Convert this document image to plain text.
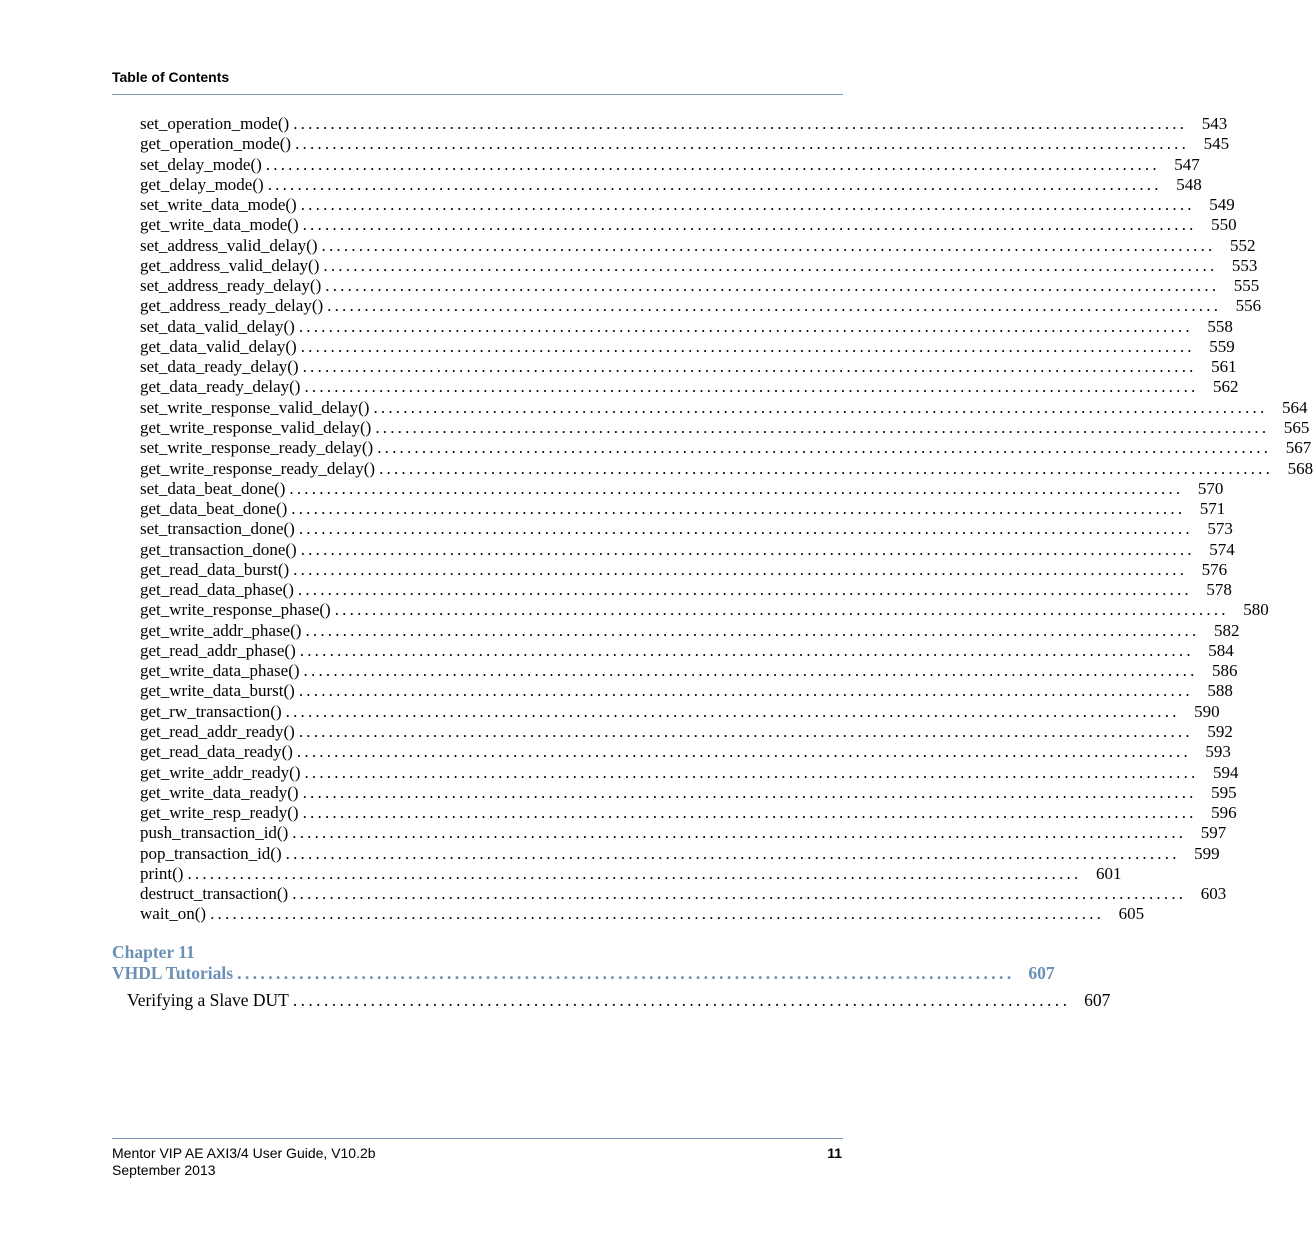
Table of Contents
set_operation_mode() ........................................................................................................................ 543
get_operation_mode() ........................................................................................................................ 545
set_delay_mode() ........................................................................................................................ 547
get_delay_mode() ........................................................................................................................ 548
set_write_data_mode() ........................................................................................................................ 549
get_write_data_mode() ........................................................................................................................ 550
set_address_valid_delay() ........................................................................................................................ 552
get_address_valid_delay() ........................................................................................................................ 553
set_address_ready_delay() ........................................................................................................................ 555
get_address_ready_delay() ........................................................................................................................ 556
set_data_valid_delay() ........................................................................................................................ 558
get_data_valid_delay() ........................................................................................................................ 559
set_data_ready_delay() ........................................................................................................................ 561
get_data_ready_delay() ........................................................................................................................ 562
set_write_response_valid_delay() ........................................................................................................................ 564
get_write_response_valid_delay() ........................................................................................................................ 565
set_write_response_ready_delay() ........................................................................................................................ 567
get_write_response_ready_delay() ........................................................................................................................ 568
set_data_beat_done() ........................................................................................................................ 570
get_data_beat_done() ........................................................................................................................ 571
set_transaction_done() ........................................................................................................................ 573
get_transaction_done() ........................................................................................................................ 574
get_read_data_burst() ........................................................................................................................ 576
get_read_data_phase() ........................................................................................................................ 578
get_write_response_phase() ........................................................................................................................ 580
get_write_addr_phase() ........................................................................................................................ 582
get_read_addr_phase() ........................................................................................................................ 584
get_write_data_phase() ........................................................................................................................ 586
get_write_data_burst() ........................................................................................................................ 588
get_rw_transaction() ........................................................................................................................ 590
get_read_addr_ready() ........................................................................................................................ 592
get_read_data_ready() ........................................................................................................................ 593
get_write_addr_ready() ........................................................................................................................ 594
get_write_data_ready() ........................................................................................................................ 595
get_write_resp_ready() ........................................................................................................................ 596
push_transaction_id() ........................................................................................................................ 597
pop_transaction_id() ........................................................................................................................ 599
print() ........................................................................................................................ 601
destruct_transaction() ........................................................................................................................ 603
wait_on() ........................................................................................................................ 605
Chapter 11
VHDL Tutorials .................................................................................................... 607
Verifying a Slave DUT .................................................................................................... 607
Mentor VIP AE AXI3/4 User Guide, V10.2b
September 2013
11
